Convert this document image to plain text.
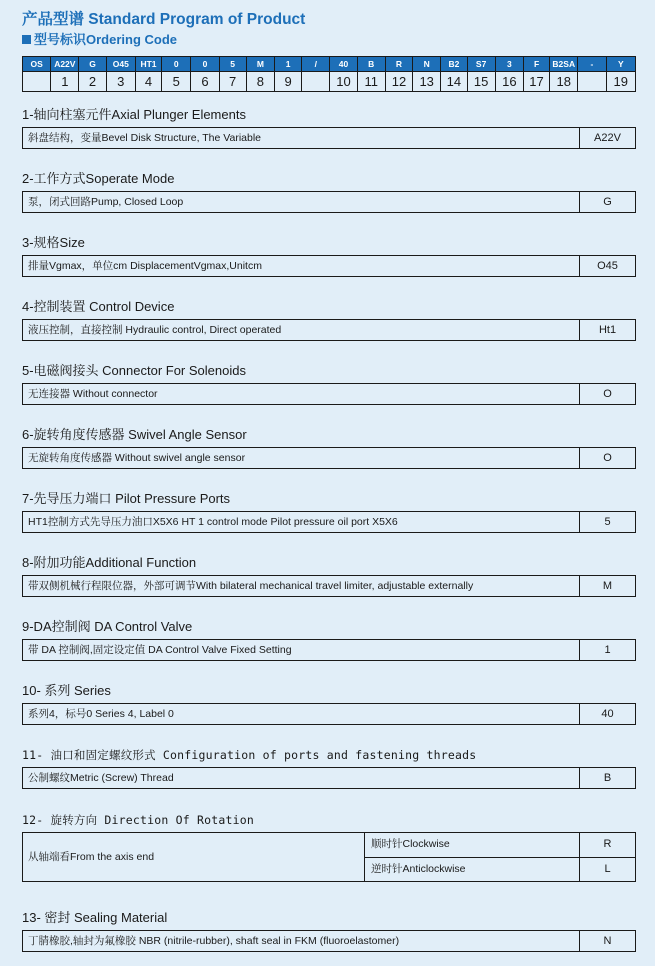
产品型谱 Standard Program of Product
型号标识Ordering Code
OS	A22V	G	O45	HT1	0	0	5	M	1	/	40	B	R	N	B2	S7	3	F	B2SA	-	Y
	1	2	3	4	5	6	7	8	9		10	11	12	13	14	15	16	17	18		19
1-轴向柱塞元件Axial Plunger Elements
斜盘结构，变量Bevel Disk Structure, The Variable	A22V
2-工作方式Soperate Mode
泵，闭式回路Pump, Closed Loop	G
3-规格Size
排量Vgmax，单位cm DisplacementVgmax,Unitcm	O45
4-控制装置 Control Device
液压控制，直接控制 Hydraulic control, Direct operated	Ht1
5-电磁阀接头 Connector For Solenoids
无连接器 Without connector	O
6-旋转角度传感器 Swivel Angle Sensor
无旋转角度传感器 Without swivel angle sensor	O
7-先导压力端口 Pilot Pressure Ports
HT1控制方式先导压力油口X5X6 HT 1 control mode Pilot pressure oil port X5X6	5
8-附加功能Additional Function
带双侧机械行程限位器，外部可调节With bilateral mechanical travel limiter, adjustable externally	M
9-DA控制阀 DA Control Valve
带 DA 控制阀,固定设定值 DA Control Valve Fixed Setting	1
10- 系列 Series
系列4，标号0 Series 4, Label 0	40
11- 油口和固定螺纹形式 Configuration of ports and fastening threads
公制螺纹Metric (Screw) Thread	B
12- 旋转方向 Direction Of Rotation
从轴端看From the axis end
顺时针Clockwise	R
逆时针Anticlockwise	L
13- 密封 Sealing Material
丁腈橡胶,轴封为氟橡胶 NBR (nitrile-rubber), shaft seal in FKM (fluoroelastomer)	N
